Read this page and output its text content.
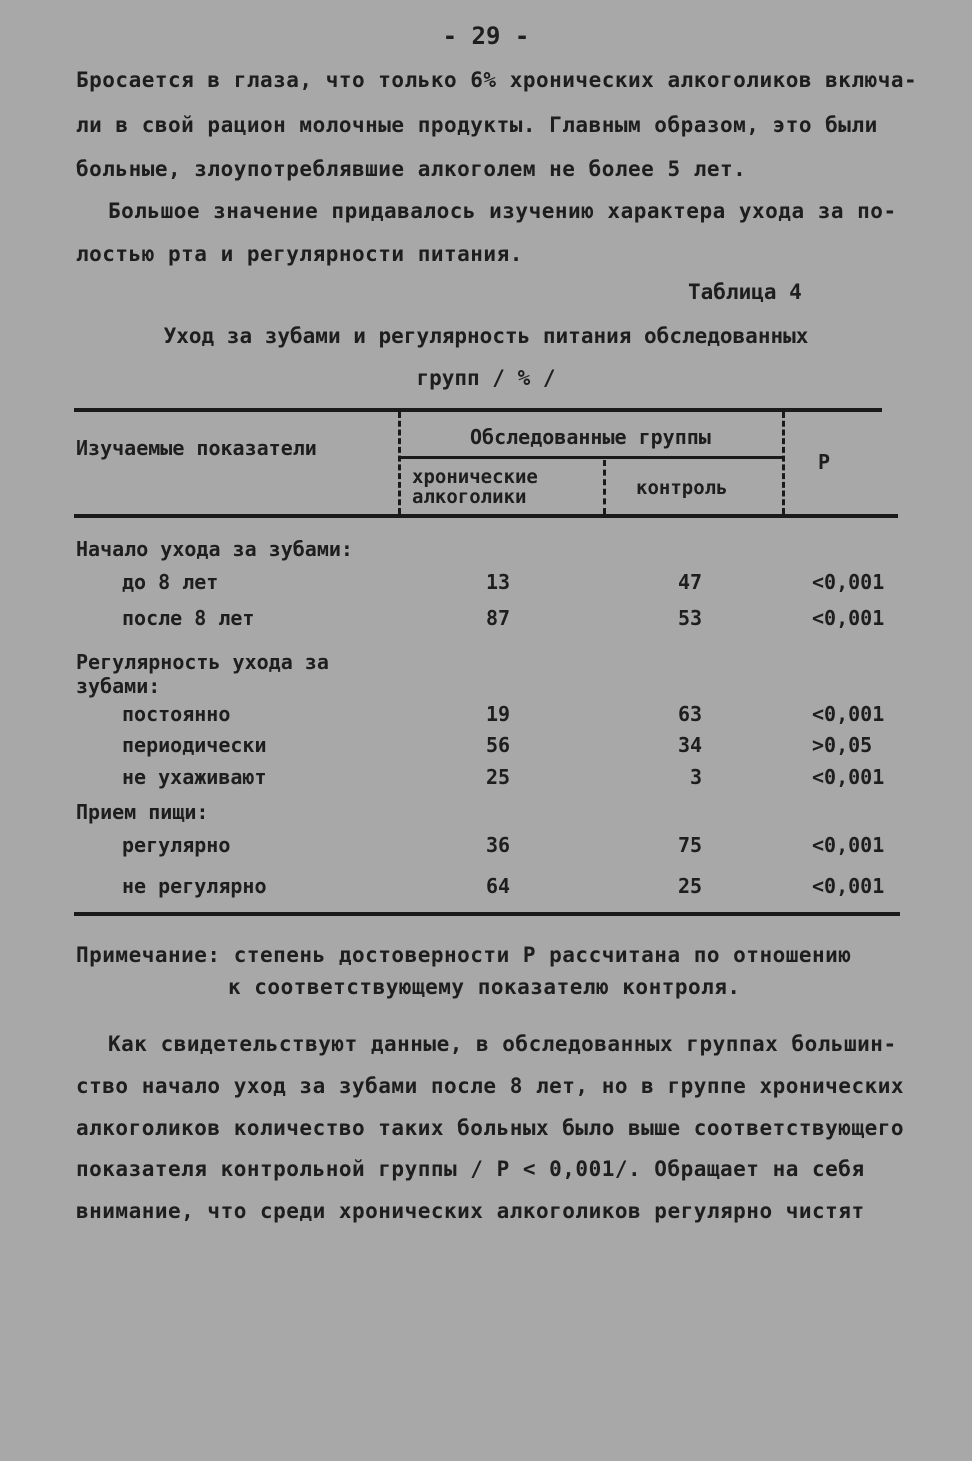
- 29 -
Бросается в глаза, что только 6% хронических алкоголиков включа-
ли в свой рацион молочные продукты. Главным образом, это были
больные, злоупотреблявшие алкоголем не более 5 лет.
Большое значение придавалось изучению характера ухода за по-
лостью рта и регулярности питания.
Таблица 4
Уход за зубами и регулярность питания обследованных
групп / % /
Изучаемые показатели	Обследованные группы
хронические алкоголики	контроль
Р
Начало ухода за зубами:
до 8 лет	13	47	<0,001
после 8 лет	87	53	<0,001
Регулярность ухода за зубами:
постоянно	19	63	<0,001
периодически	56	34	>0,05
не ухаживают	25	3	<0,001
Прием пищи:
регулярно	36	75	<0,001
не регулярно	64	25	<0,001
Примечание: степень достоверности Р рассчитана по отношению
к соответствующему показателю контроля.
Как свидетельствуют данные, в обследованных группах большин-
ство начало уход за зубами после 8 лет, но в группе хронических
алкоголиков количество таких больных было выше соответствующего
показателя контрольной группы / Р < 0,001/. Обращает на себя
внимание, что среди хронических алкоголиков регулярно чистят
